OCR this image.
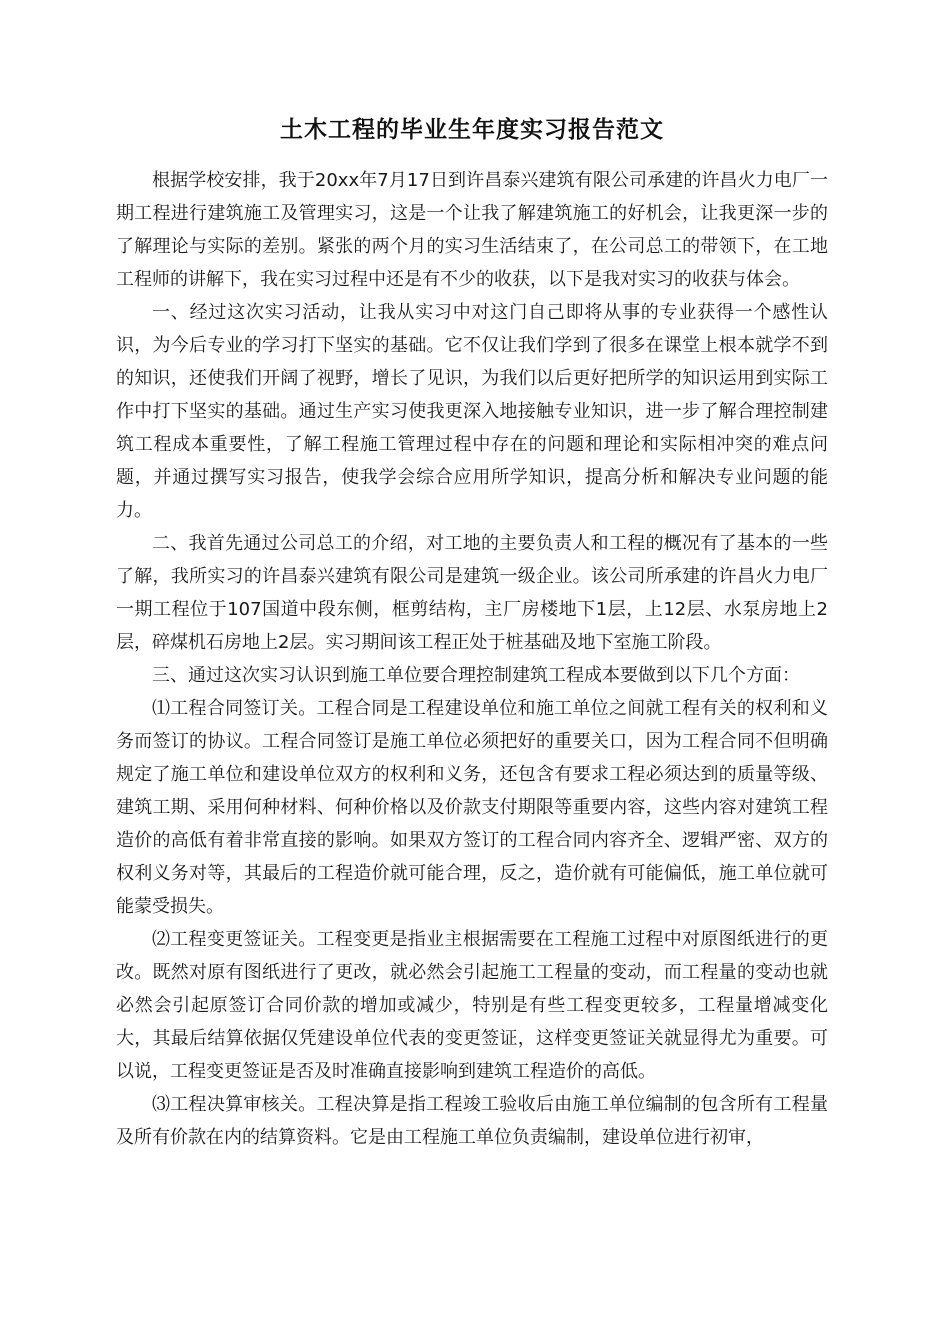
土木工程的毕业生年度实习报告范文

根据学校安排，我于20xx年7月17日到许昌泰兴建筑有限公司承建的许昌火力电厂一期工程进行建筑施工及管理实习，这是一个让我了解建筑施工的好机会，让我更深一步的了解理论与实际的差别。紧张的两个月的实习生活结束了，在公司总工的带领下，在工地工程师的讲解下，我在实习过程中还是有不少的收获，以下是我对实习的收获与体会。

一、经过这次实习活动，让我从实习中对这门自己即将从事的专业获得一个感性认识，为今后专业的学习打下坚实的基础。它不仅让我们学到了很多在课堂上根本就学不到的知识，还使我们开阔了视野，增长了见识，为我们以后更好把所学的知识运用到实际工作中打下坚实的基础。通过生产实习使我更深入地接触专业知识，进一步了解合理控制建筑工程成本重要性，了解工程施工管理过程中存在的问题和理论和实际相冲突的难点问题，并通过撰写实习报告，使我学会综合应用所学知识，提高分析和解决专业问题的能力。

二、我首先通过公司总工的介绍，对工地的主要负责人和工程的概况有了基本的一些了解，我所实习的许昌泰兴建筑有限公司是建筑一级企业。该公司所承建的许昌火力电厂一期工程位于107国道中段东侧，框剪结构，主厂房楼地下1层，上12层、水泵房地上2层，碎煤机石房地上2层。实习期间该工程正处于桩基础及地下室施工阶段。

三、通过这次实习认识到施工单位要合理控制建筑工程成本要做到以下几个方面：

⑴工程合同签订关。工程合同是工程建设单位和施工单位之间就工程有关的权利和义务而签订的协议。工程合同签订是施工单位必须把好的重要关口，因为工程合同不但明确规定了施工单位和建设单位双方的权利和义务，还包含有要求工程必须达到的质量等级、建筑工期、采用何种材料、何种价格以及价款支付期限等重要内容，这些内容对建筑工程造价的高低有着非常直接的影响。如果双方签订的工程合同内容齐全、逻辑严密、双方的权利义务对等，其最后的工程造价就可能合理，反之，造价就有可能偏低，施工单位就可能蒙受损失。

⑵工程变更签证关。工程变更是指业主根据需要在工程施工过程中对原图纸进行的更改。既然对原有图纸进行了更改，就必然会引起施工工程量的变动，而工程量的变动也就必然会引起原签订合同价款的增加或减少，特别是有些工程变更较多，工程量增减变化大，其最后结算依据仅凭建设单位代表的变更签证，这样变更签证关就显得尤为重要。可以说，工程变更签证是否及时准确直接影响到建筑工程造价的高低。

⑶工程决算审核关。工程决算是指工程竣工验收后由施工单位编制的包含所有工程量及所有价款在内的结算资料。它是由工程施工单位负责编制，建设单位进行初审，
